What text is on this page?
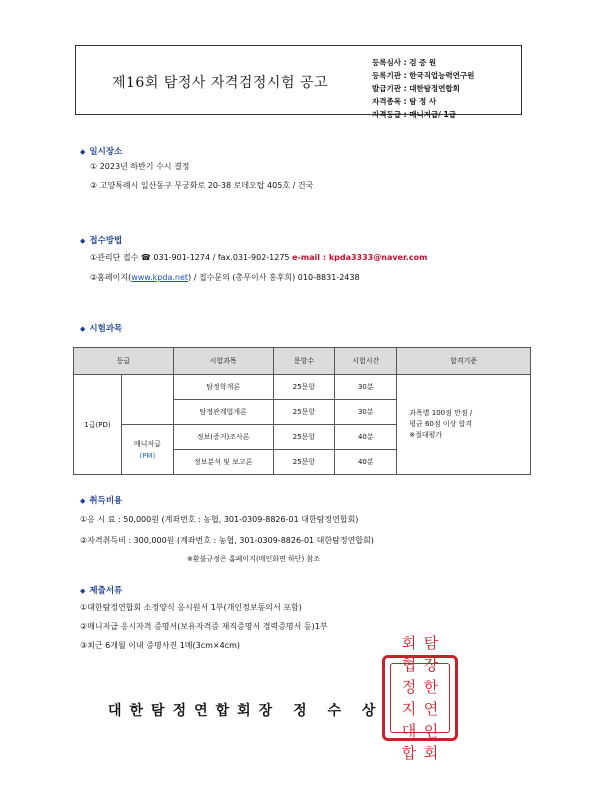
제16회 탐정사 자격검정시험 공고
등록심사 : 검 증 원
등록기관 : 한국직업능력연구원
발급기관 : 대한탐정연합회
자격종목 : 탐 정 사
자격등급 : 매니저급/ 1급
◆ 일시장소
① 2023년 하반기 수시 결정
② 고양특례시 일산동구 무궁화로 20-38 로데오탑 405호 / 건국
◆ 접수방법
①관리단 접수 ☎ 031-901-1274 / fax.031-902-1275 e-mail : kpda3333@naver.com
②홈페이지(www.kpda.net) / 접수문의 (총무이사 홍후희) 010-8831-2438
◆ 시험과목
등급		시험과목	문항수	시험시간	합격기준
1급(PD)		탐정학개론	25문항	30분	과목별 100점 만점 /
평균 60점 이상 합격
※절대평가

		탐정관계법개론	25문항	30분	

	매니저급
(PM)	정보(증거)조사론	25문항	40분	
		정보분석 및 보고론	25문항	40분	
◆ 취득비용
①응 시 료 : 50,000원 (계좌번호 : 농협, 301-0309-8826-01 대한탐정연합회)
②자격취득비 : 300,000원 (계좌번호 : 농협, 301-0309-8826-01 대한탐정연합회)
※환불규정은 홈페이지(메인화면 하단) 참조
◆ 제출서류
①대한탐정연합회 소정양식 응시원서 1부(개인정보동의서 포함)
②매니저급 응시자격 증명서(보유자격증 재직증명서 경력증명서 등)1부
③최근 6개월 이내 증명사진 1매(3cm×4cm)
대한탐정연합회장 정 수 상
회 탐
협 장
정 한
지 연
대 인
합 회
